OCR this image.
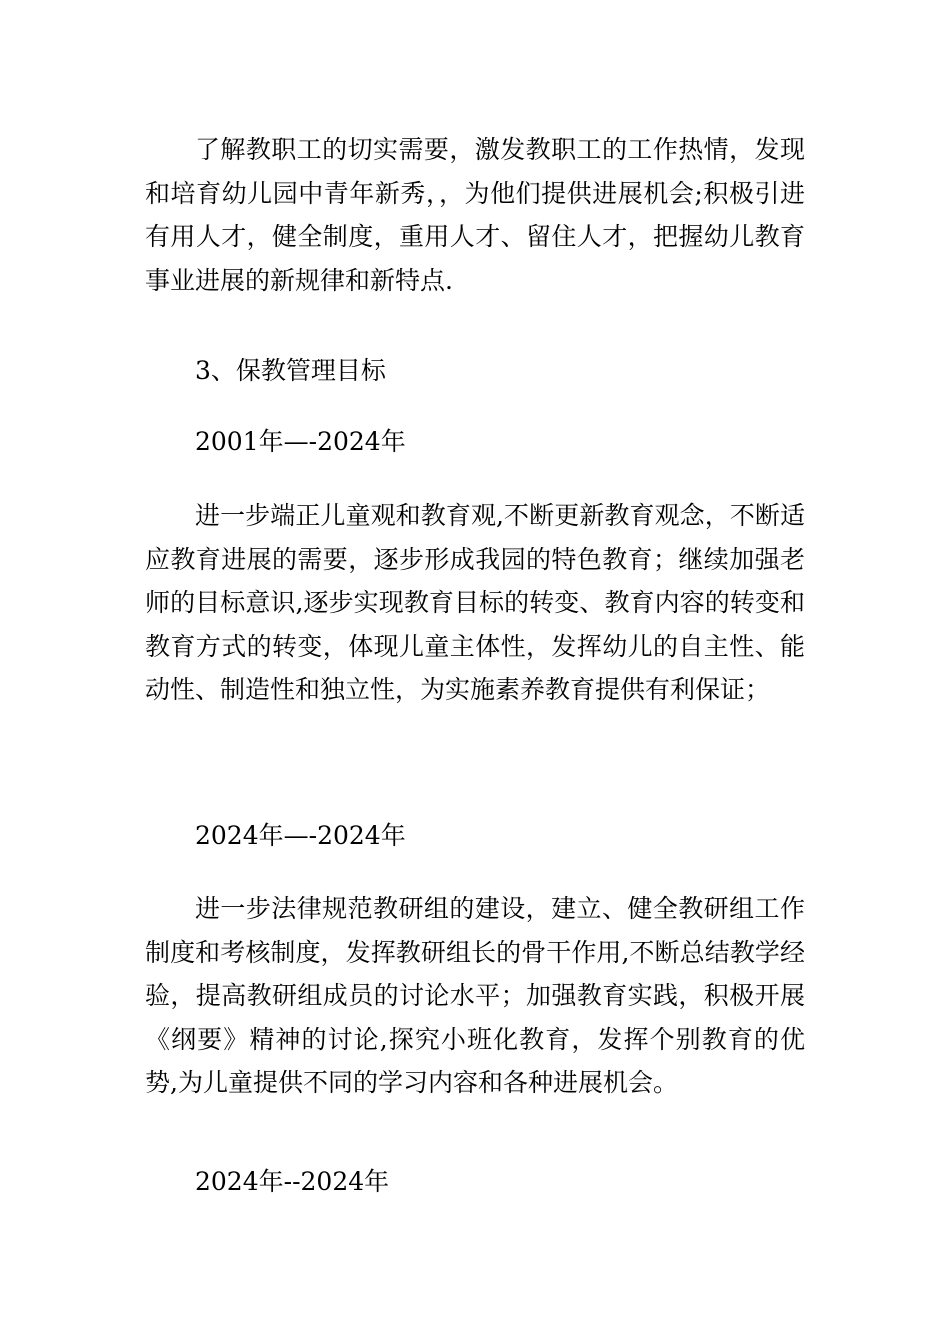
了解教职工的切实需要，激发教职工的工作热情，发现和培育幼儿园中青年新秀，，为他们提供进展机会;积极引进有用人才，健全制度，重用人才、留住人才，把握幼儿教育事业进展的新规律和新特点.

3、保教管理目标

2001年—-2024年

进一步端正儿童观和教育观,不断更新教育观念，不断适应教育进展的需要，逐步形成我园的特色教育；继续加强老师的目标意识,逐步实现教育目标的转变、教育内容的转变和教育方式的转变，体现儿童主体性，发挥幼儿的自主性、能动性、制造性和独立性，为实施素养教育提供有利保证；

2024年—-2024年

进一步法律规范教研组的建设，建立、健全教研组工作制度和考核制度，发挥教研组长的骨干作用,不断总结教学经验，提高教研组成员的讨论水平；加强教育实践，积极开展《纲要》精神的讨论,探究小班化教育，发挥个别教育的优势,为儿童提供不同的学习内容和各种进展机会。

2024年--2024年
